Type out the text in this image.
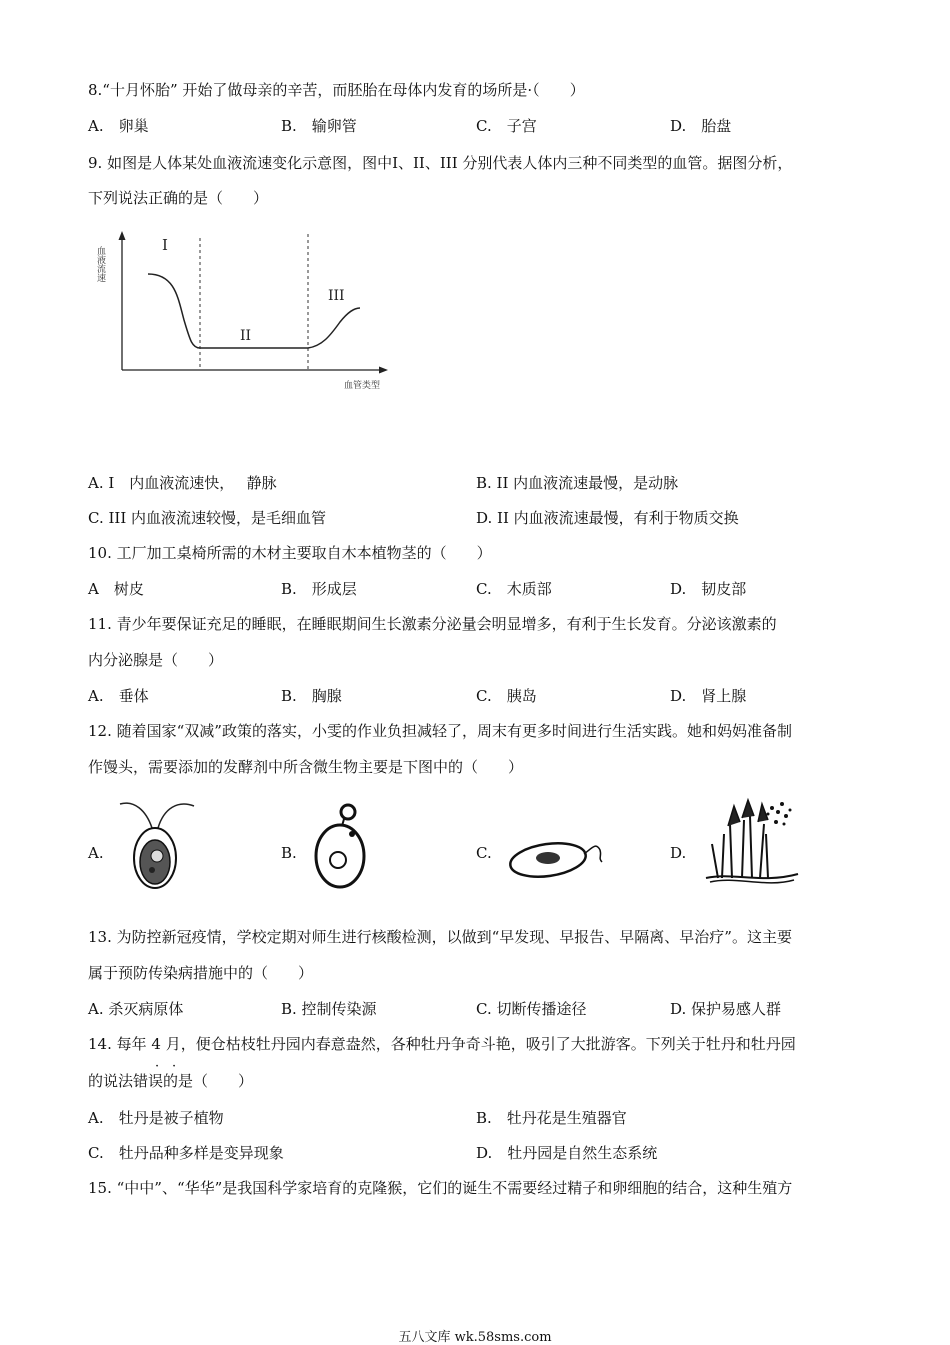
8.“十月怀胎” 开始了做母亲的辛苦，而胚胎在母体内发育的场所是·（　　）
A.　卵巢	B.　输卵管	C.　子宫	D.　胎盘
9. 如图是人体某处血液流速变化示意图，图中Ⅰ、II、III 分别代表人体内三种不同类型的血管。据图分析，
下列说法正确的是（　　）
I
II
III
血液流速
血管类型
A. Ⅰ　内血液流速快，　 静脉	B. II 内血液流速最慢，是动脉
C. III 内血液流速较慢，是毛细血管	D. II 内血液流速最慢，有利于物质交换
10. 工厂加工桌椅所需的木材主要取自木本植物茎的（　　）
A　树皮	B.　形成层	C.　木质部	D.　韧皮部
11. 青少年要保证充足的睡眠，在睡眠期间生长激素分泌量会明显增多，有利于生长发育。分泌该激素的
内分泌腺是（　　）
A.　垂体	B.　胸腺	C.　胰岛	D.　肾上腺
12. 随着国家“双减”政策的落实，小雯的作业负担减轻了，周末有更多时间进行生活实践。她和妈妈准备制
作馒头，需要添加的发酵剂中所含微生物主要是下图中的（　　）
A.	B.	C.	D.
13. 为防控新冠疫情，学校定期对师生进行核酸检测，以做到“早发现、早报告、早隔离、早治疗”。这主要
属于预防传染病措施中的（　　）
A. 杀灭病原体	B. 控制传染源	C. 切断传播途径	D. 保护易感人群
14. 每年 4 月，便仓枯枝牡丹园内春意盎然，各种牡丹争奇斗艳，吸引了大批游客。下列关于牡丹和牡丹园
· ·
的说法错误的是（　　）
A.　牡丹是被子植物	B.　牡丹花是生殖器官
C.　牡丹品种多样是变异现象	D.　牡丹园是自然生态系统
15. “中中”、“华华”是我国科学家培育的克隆猴，它们的诞生不需要经过精子和卵细胞的结合，这种生殖方
五八文库 wk.58sms.com
